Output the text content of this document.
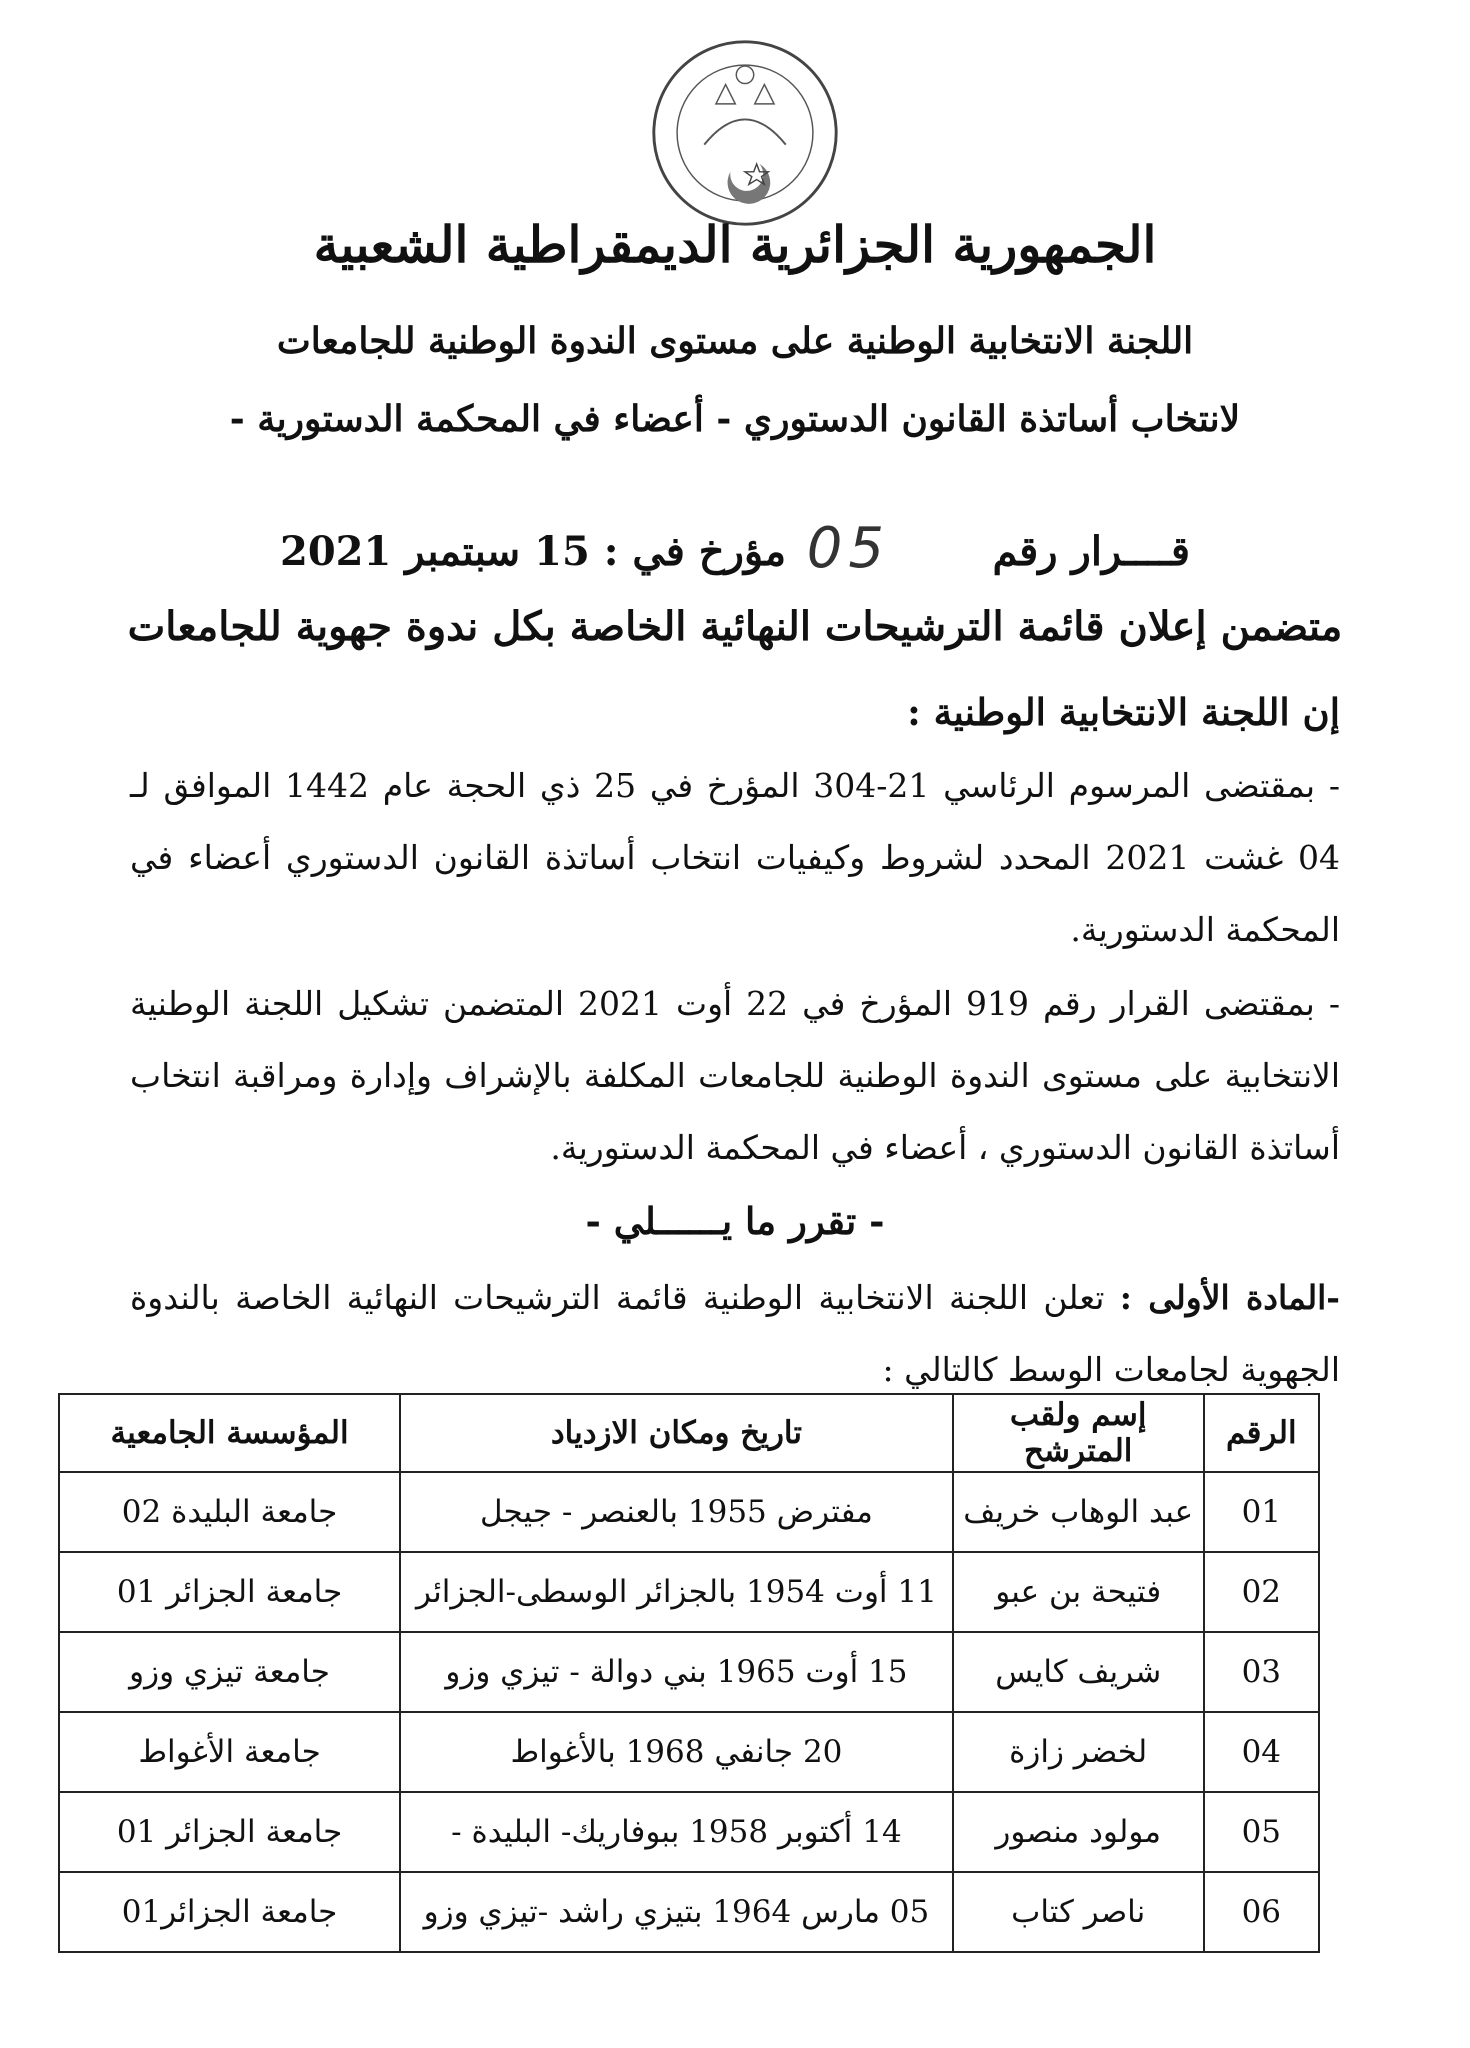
الجمهورية الجزائرية الديمقراطية الشعبية
اللجنة الانتخابية الوطنية على مستوى الندوة الوطنية للجامعات
لانتخاب أساتذة القانون الدستوري - أعضاء في المحكمة الدستورية -
قــــرار رقم
05
مؤرخ في : 15 سبتمبر 2021
متضمن إعلان قائمة الترشيحات النهائية الخاصة بكل ندوة جهوية للجامعات
إن اللجنة الانتخابية الوطنية :
- بمقتضى المرسوم الرئاسي 21-304 المؤرخ في 25 ذي الحجة عام 1442 الموافق لـ 04 غشت 2021 المحدد لشروط وكيفيات انتخاب أساتذة القانون الدستوري أعضاء في المحكمة الدستورية.
- بمقتضى القرار رقم 919 المؤرخ في 22 أوت 2021 المتضمن تشكيل اللجنة الوطنية الانتخابية على مستوى الندوة الوطنية للجامعات المكلفة بالإشراف وإدارة ومراقبة انتخاب أساتذة القانون الدستوري ، أعضاء في المحكمة الدستورية.
- تقرر ما يــــــلي -
-المادة الأولى : تعلن اللجنة الانتخابية الوطنية قائمة الترشيحات النهائية الخاصة بالندوة الجهوية لجامعات الوسط كالتالي :
الرقم	إسم ولقب المترشح	تاريخ ومكان الازدياد	المؤسسة الجامعية
01	عبد الوهاب خريف	مفترض 1955 بالعنصر - جيجل	جامعة البليدة 02
02	فتيحة بن عبو	11 أوت 1954 بالجزائر الوسطى-الجزائر	جامعة الجزائر 01
03	شريف كايس	15 أوت 1965 بني دوالة - تيزي وزو	جامعة تيزي وزو
04	لخضر زازة	20 جانفي 1968 بالأغواط	جامعة الأغواط
05	مولود منصور	14 أكتوبر 1958 ببوفاريك- البليدة -	جامعة الجزائر 01
06	ناصر كتاب	05 مارس 1964 بتيزي راشد -تيزي وزو	جامعة الجزائر01
